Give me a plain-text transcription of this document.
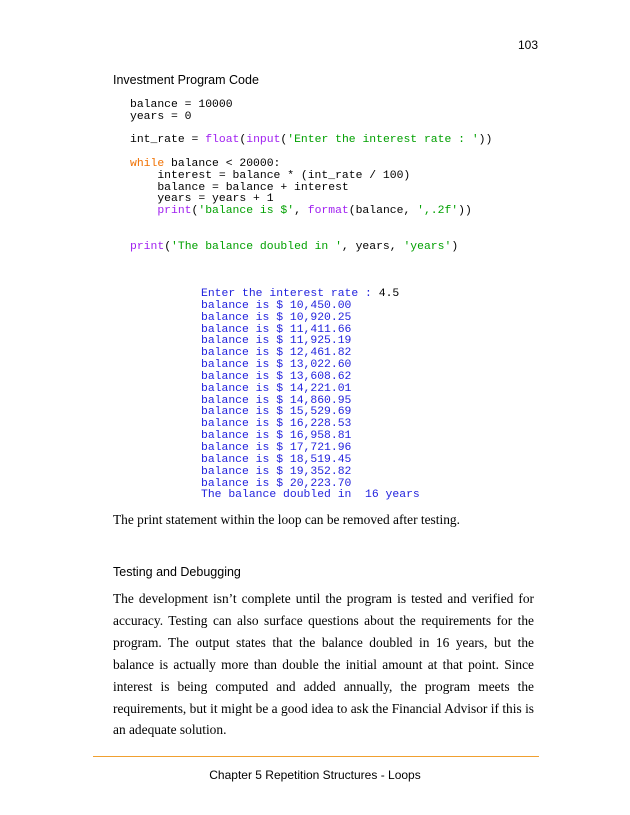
103
Investment Program Code
balance = 10000
years = 0
int_rate = float(input('Enter the interest rate : '))
while balance < 20000:
interest = balance * (int_rate / 100)
balance = balance + interest
years = years + 1
print('balance is $', format(balance, ',.2f'))
print('The balance doubled in ', years, 'years')
Enter the interest rate : 4.5
balance is $ 10,450.00
balance is $ 10,920.25
balance is $ 11,411.66
balance is $ 11,925.19
balance is $ 12,461.82
balance is $ 13,022.60
balance is $ 13,608.62
balance is $ 14,221.01
balance is $ 14,860.95
balance is $ 15,529.69
balance is $ 16,228.53
balance is $ 16,958.81
balance is $ 17,721.96
balance is $ 18,519.45
balance is $ 19,352.82
balance is $ 20,223.70
The balance doubled in  16 years

The print statement within the loop can be removed after testing.

Testing and Debugging

The development isn’t complete until the program is tested and verified for accuracy. Testing can also surface questions about the requirements for the program. The output states that the balance doubled in 16 years, but the balance is actually more than double the initial amount at that point. Since interest is being computed and added annually, the program meets the requirements, but it might be a good idea to ask the Financial Advisor if this is an adequate solution.

Chapter 5 Repetition Structures - Loops
